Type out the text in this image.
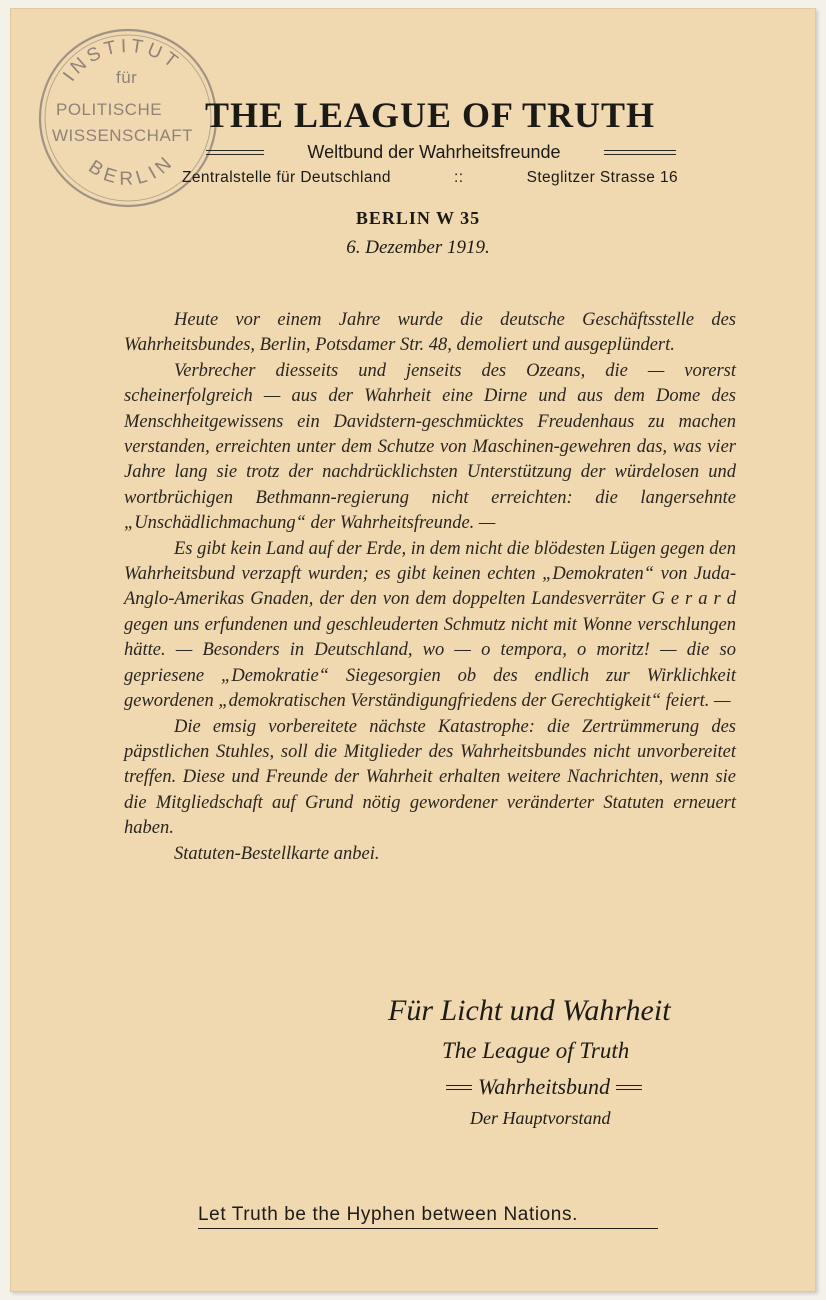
INSTITUT
BERLIN
für
POLITISCHE
WISSENSCHAFT
THE LEAGUE OF TRUTH
Weltbund der Wahrheitsfreunde
Zentralstelle für Deutschland	::	Steglitzer Strasse 16
BERLIN W 35
6. Dezember 1919.

Heute vor einem Jahre wurde die deutsche Geschäftsstelle des Wahrheitsbundes, Berlin, Potsdamer Str. 48, demoliert und ausgeplündert.

Verbrecher diesseits und jenseits des Ozeans, die — vorerst scheinerfolgreich — aus der Wahrheit eine Dirne und aus dem Dome des Menschheitgewissens ein Davidstern-geschmücktes Freudenhaus zu machen verstanden, erreichten unter dem Schutze von Maschinen-gewehren das, was vier Jahre lang sie trotz der nachdrücklichsten Unterstützung der würdelosen und wortbrüchigen Bethmann-regierung nicht erreichten: die langersehnte „Unschädlichmachung“ der Wahrheitsfreunde. —

Es gibt kein Land auf der Erde, in dem nicht die blödesten Lügen gegen den Wahrheitsbund verzapft wurden; es gibt keinen echten „Demokraten“ von Juda-Anglo-Amerikas Gnaden, der den von dem doppelten Landesverräter G e r a r d gegen uns erfundenen und geschleuderten Schmutz nicht mit Wonne verschlungen hätte. — Besonders in Deutschland, wo — o tempora, o moritz! — die so gepriesene „Demokratie“ Siegesorgien ob des endlich zur Wirklichkeit gewordenen „demokratischen Verständigungfriedens der Gerechtigkeit“ feiert. —

Die emsig vorbereitete nächste Katastrophe: die Zertrümmerung des päpstlichen Stuhles, soll die Mitglieder des Wahrheitsbundes nicht unvorbereitet treffen. Diese und Freunde der Wahrheit erhalten weitere Nachrichten, wenn sie die Mitgliedschaft auf Grund nötig gewordener veränderter Statuten erneuert haben.

Statuten-Bestellkarte anbei.

Für Licht und Wahrheit
The League of Truth
Wahrheitsbund
Der Hauptvorstand
Let Truth be the Hyphen between Nations.
